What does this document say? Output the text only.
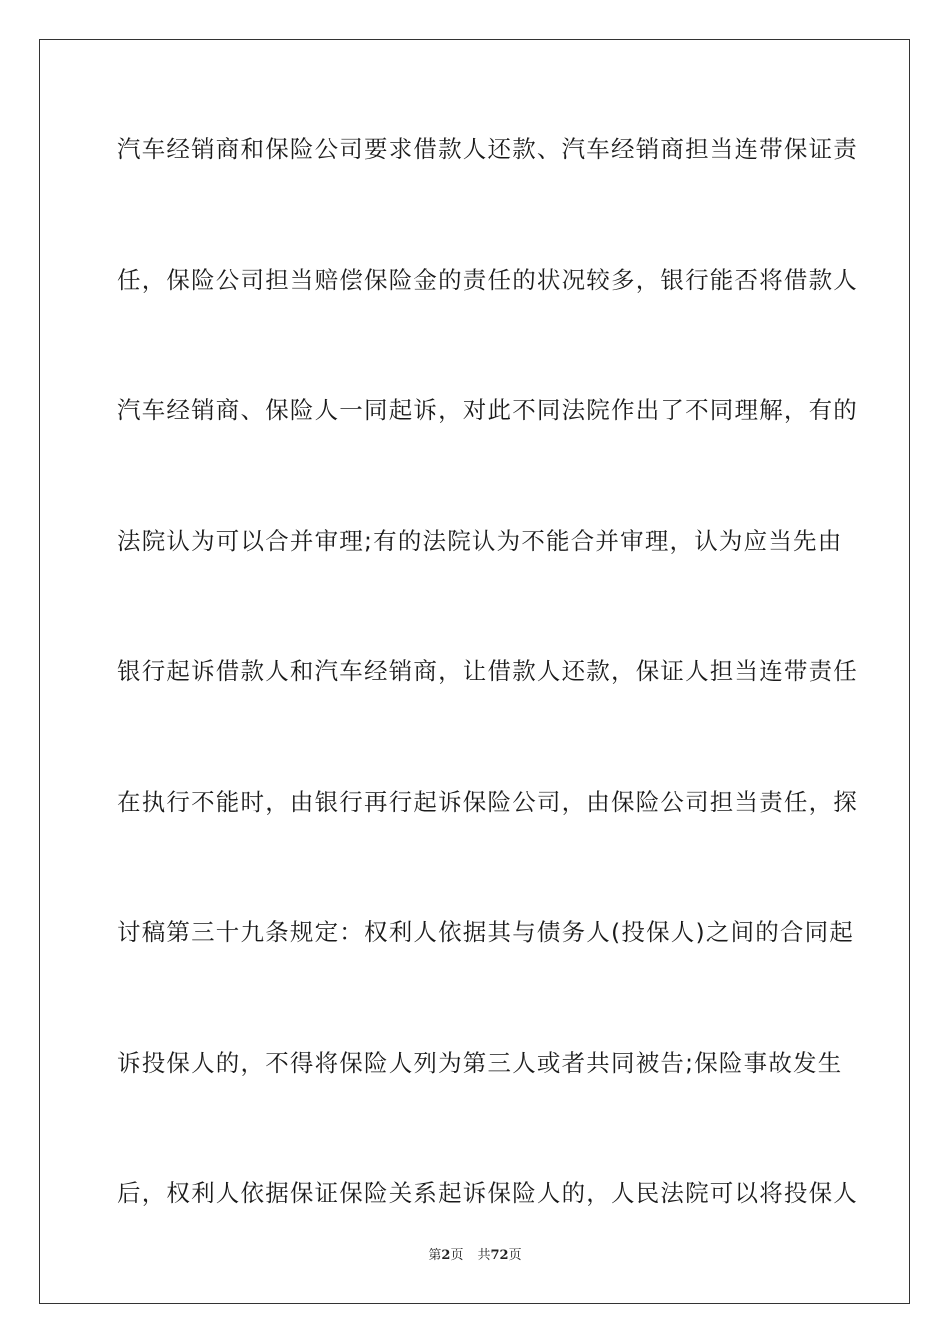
汽车经销商和保险公司要求借款人还款、汽车经销商担当连带保证责
任，保险公司担当赔偿保险金的责任的状况较多，银行能否将借款人
汽车经销商、保险人一同起诉，对此不同法院作出了不同理解，有的
法院认为可以合并审理;有的法院认为不能合并审理，认为应当先由
银行起诉借款人和汽车经销商，让借款人还款，保证人担当连带责任
在执行不能时，由银行再行起诉保险公司，由保险公司担当责任，探
讨稿第三十九条规定：权利人依据其与债务人(投保人)之间的合同起
诉投保人的，不得将保险人列为第三人或者共同被告;保险事故发生
后，权利人依据保证保险关系起诉保险人的，人民法院可以将投保人
第2页 共72页
